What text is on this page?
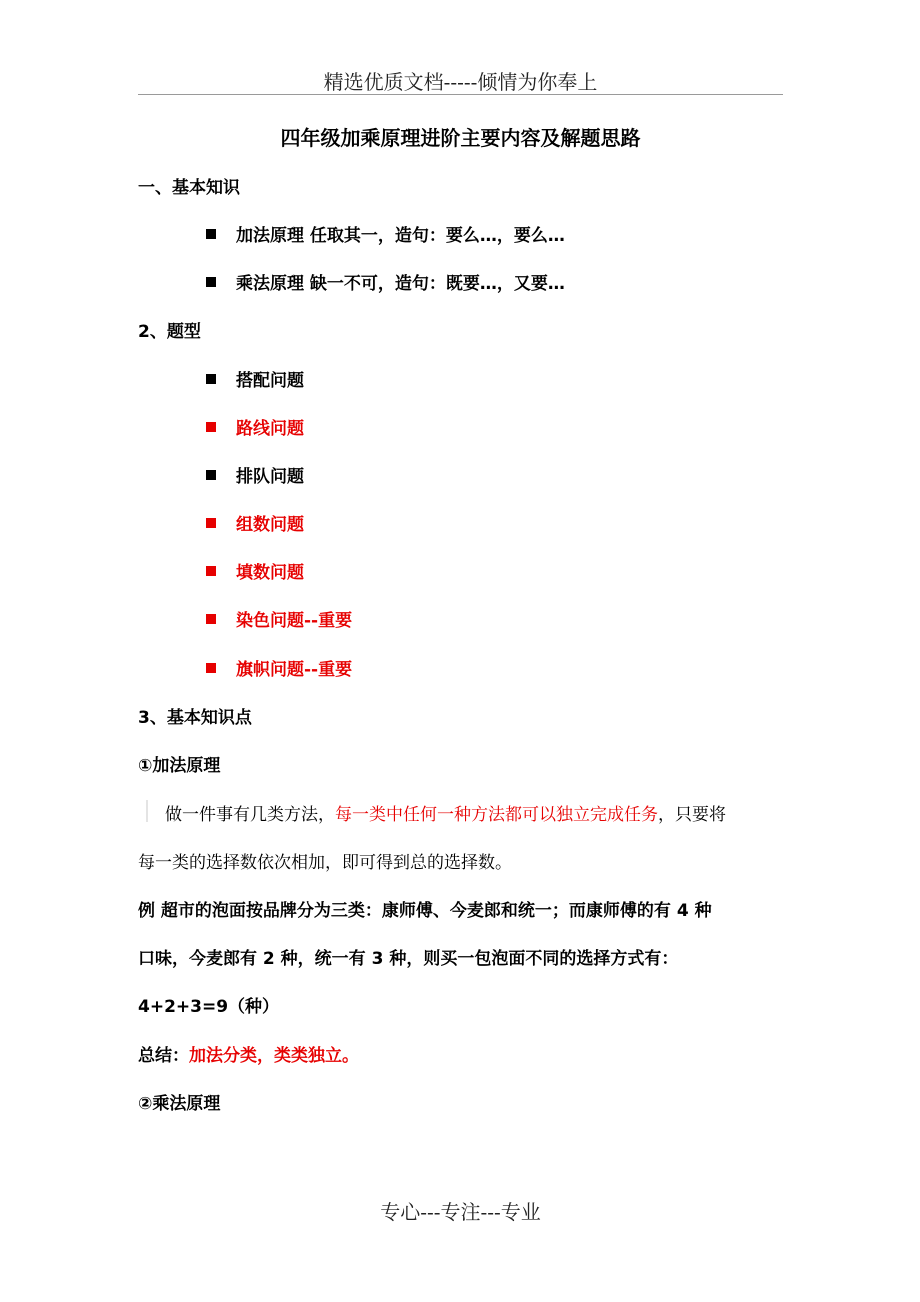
精选优质文档-----倾情为你奉上
四年级加乘原理进阶主要内容及解题思路
一、基本知识
加法原理 任取其一，造句：要么…，要么…
乘法原理 缺一不可，造句：既要…，又要…
2、题型
搭配问题
路线问题
排队问题
组数问题
填数问题
染色问题--重要
旗帜问题--重要
3、基本知识点
①加法原理
做一件事有几类方法，每一类中任何一种方法都可以独立完成任务，只要将
每一类的选择数依次相加，即可得到总的选择数。
例 超市的泡面按品牌分为三类：康师傅、今麦郎和统一；而康师傅的有 4 种
口味，今麦郎有 2 种，统一有 3 种，则买一包泡面不同的选择方式有：
4+2+3=9（种）
总结：加法分类，类类独立。
②乘法原理
专心---专注---专业
